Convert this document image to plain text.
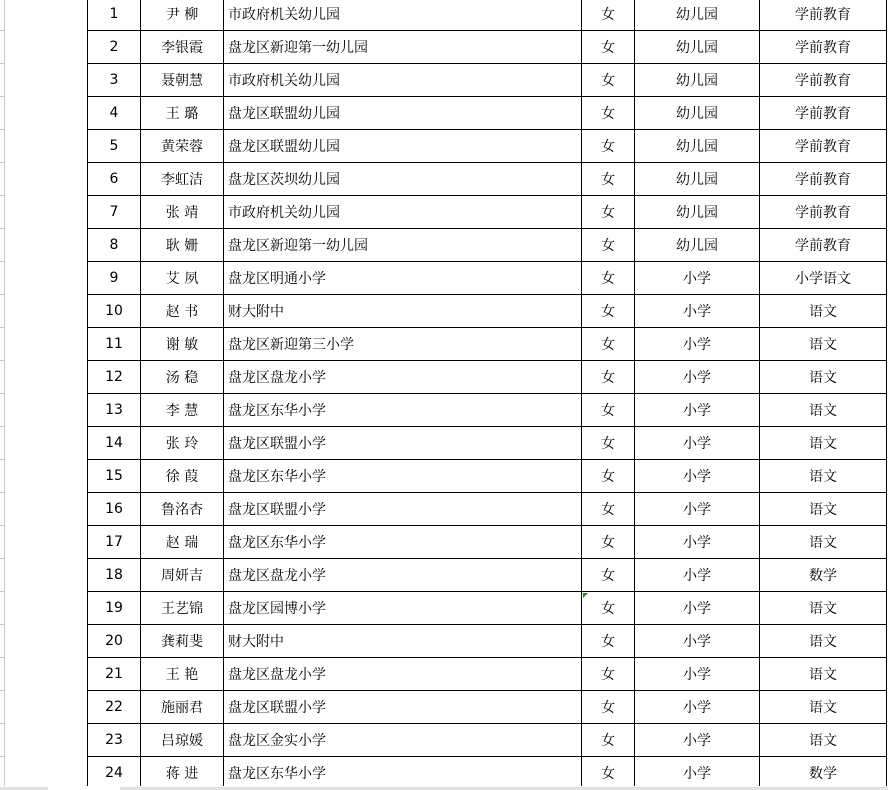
1	尹 柳	市政府机关幼儿园	女	幼儿园	学前教育
2	李银霞	盘龙区新迎第一幼儿园	女	幼儿园	学前教育
3	聂朝慧	市政府机关幼儿园	女	幼儿园	学前教育
4	王 璐	盘龙区联盟幼儿园	女	幼儿园	学前教育
5	黄荣蓉	盘龙区联盟幼儿园	女	幼儿园	学前教育
6	李虹洁	盘龙区茨坝幼儿园	女	幼儿园	学前教育
7	张 靖	市政府机关幼儿园	女	幼儿园	学前教育
8	耿 姗	盘龙区新迎第一幼儿园	女	幼儿园	学前教育
9	艾 夙	盘龙区明通小学	女	小学	小学语文
10	赵 书	财大附中	女	小学	语文
11	谢 敏	盘龙区新迎第三小学	女	小学	语文
12	汤 稳	盘龙区盘龙小学	女	小学	语文
13	李 慧	盘龙区东华小学	女	小学	语文
14	张 玲	盘龙区联盟小学	女	小学	语文
15	徐 葭	盘龙区东华小学	女	小学	语文
16	鲁洺杏	盘龙区联盟小学	女	小学	语文
17	赵 瑞	盘龙区东华小学	女	小学	语文
18	周妍吉	盘龙区盘龙小学	女	小学	数学
19	王艺锦	盘龙区园博小学	女	小学	语文
20	龚莉斐	财大附中	女	小学	语文
21	王 艳	盘龙区盘龙小学	女	小学	语文
22	施丽君	盘龙区联盟小学	女	小学	语文
23	吕琼媛	盘龙区金实小学	女	小学	语文
24	蒋 进	盘龙区东华小学	女	小学	数学
